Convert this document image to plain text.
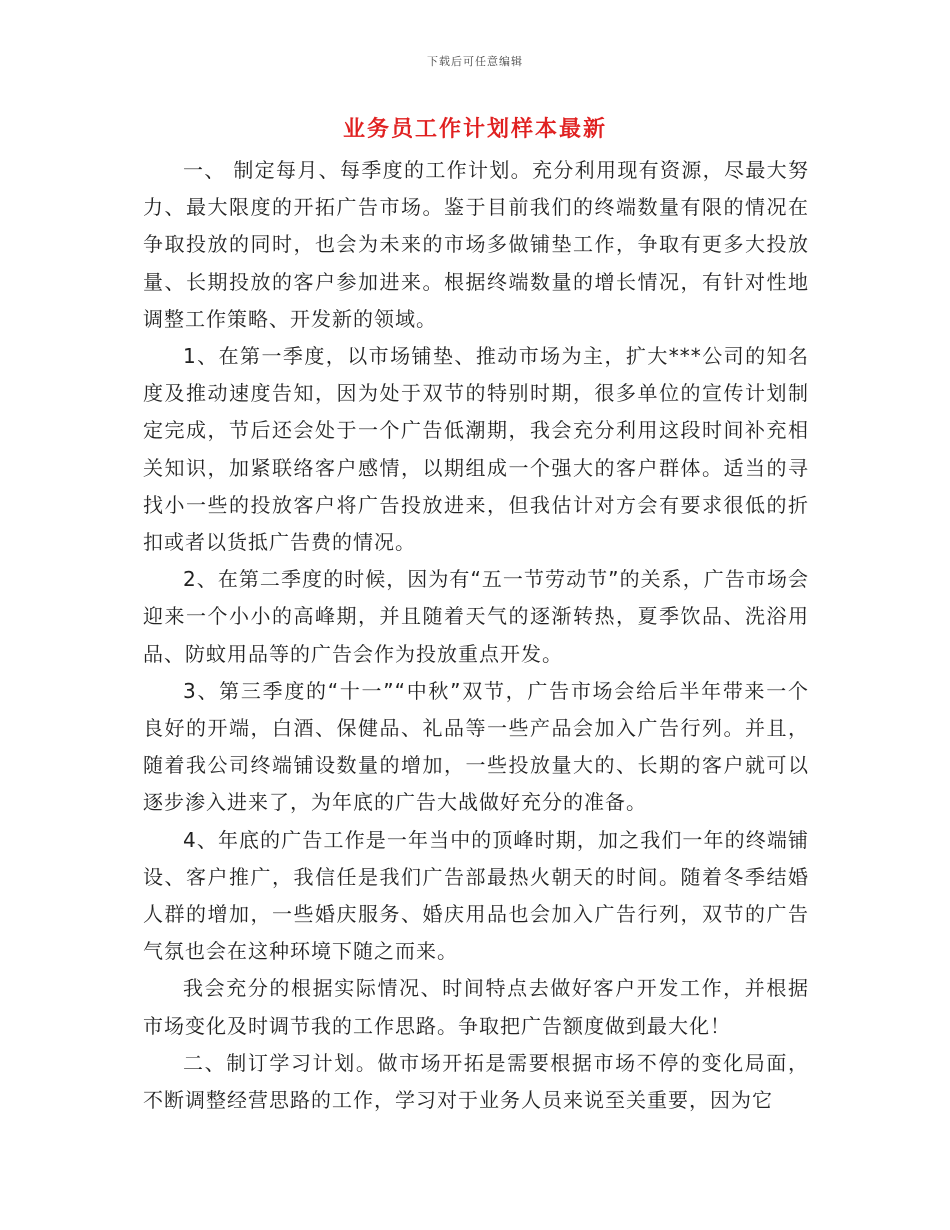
下载后可任意编辑
业务员工作计划样本最新

一、 制定每月、每季度的工作计划。充分利用现有资源，尽最大努力、最大限度的开拓广告市场。鉴于目前我们的终端数量有限的情况在争取投放的同时，也会为未来的市场多做铺垫工作，争取有更多大投放量、长期投放的客户参加进来。根据终端数量的增长情况，有针对性地调整工作策略、开发新的领域。

1、在第一季度，以市场铺垫、推动市场为主，扩大***公司的知名度及推动速度告知，因为处于双节的特别时期，很多单位的宣传计划制定完成，节后还会处于一个广告低潮期，我会充分利用这段时间补充相关知识，加紧联络客户感情，以期组成一个强大的客户群体。适当的寻找小一些的投放客户将广告投放进来，但我估计对方会有要求很低的折扣或者以货抵广告费的情况。

2、在第二季度的时候，因为有“五一节劳动节”的关系，广告市场会迎来一个小小的高峰期，并且随着天气的逐渐转热，夏季饮品、洗浴用品、防蚊用品等的广告会作为投放重点开发。

3、第三季度的“十一”“中秋”双节，广告市场会给后半年带来一个良好的开端，白酒、保健品、礼品等一些产品会加入广告行列。并且，随着我公司终端铺设数量的增加，一些投放量大的、长期的客户就可以逐步渗入进来了，为年底的广告大战做好充分的准备。

4、年底的广告工作是一年当中的顶峰时期，加之我们一年的终端铺设、客户推广，我信任是我们广告部最热火朝天的时间。随着冬季结婚人群的增加，一些婚庆服务、婚庆用品也会加入广告行列，双节的广告气氛也会在这种环境下随之而来。

我会充分的根据实际情况、时间特点去做好客户开发工作，并根据市场变化及时调节我的工作思路。争取把广告额度做到最大化！

二、制订学习计划。做市场开拓是需要根据市场不停的变化局面，不断调整经营思路的工作，学习对于业务人员来说至关重要，因为它
